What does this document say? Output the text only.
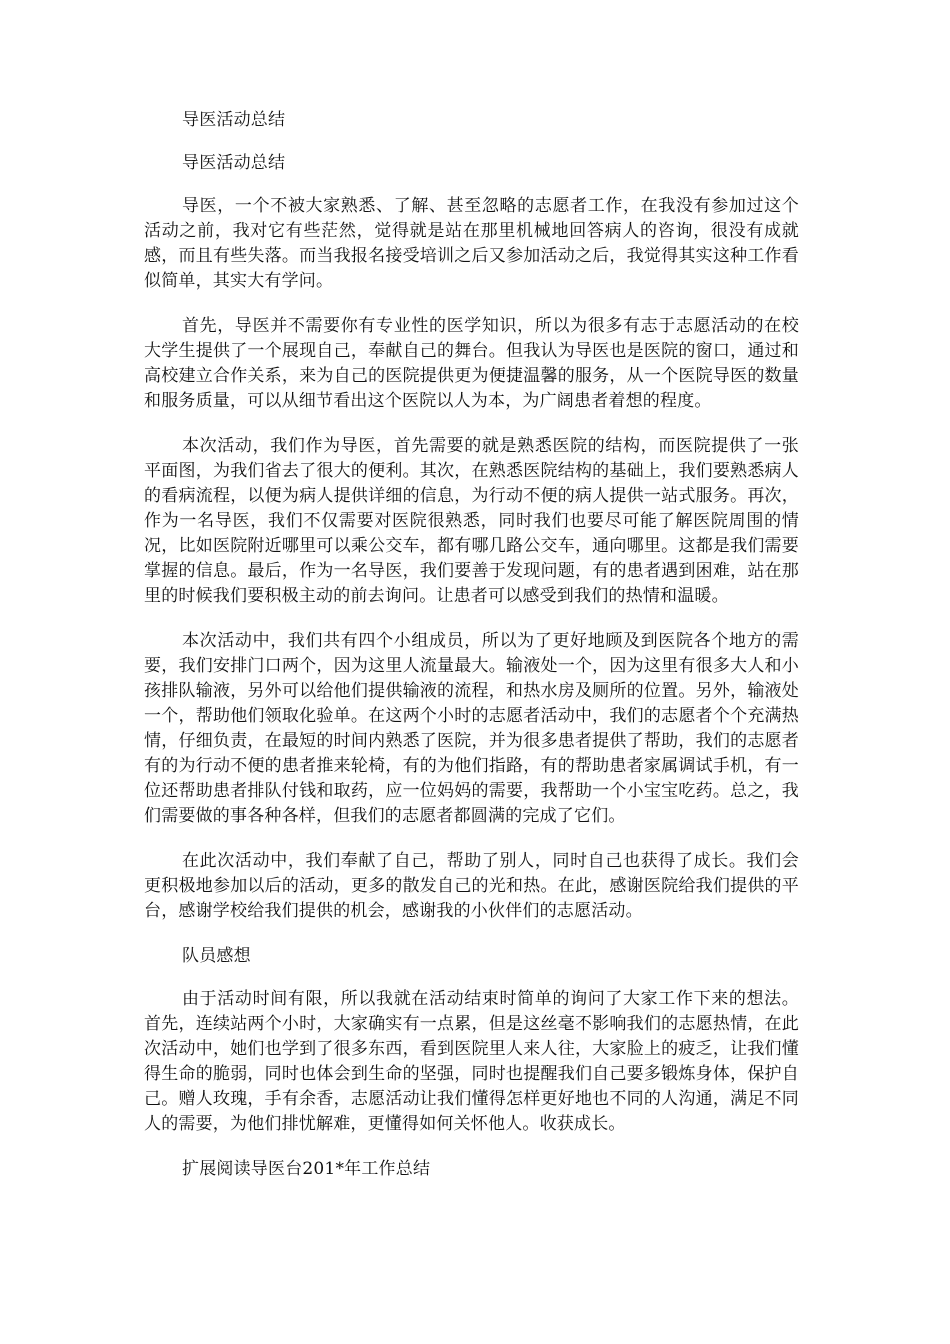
导医活动总结

导医活动总结

导医，一个不被大家熟悉、了解、甚至忽略的志愿者工作，在我没有参加过这个活动之前，我对它有些茫然，觉得就是站在那里机械地回答病人的咨询，很没有成就感，而且有些失落。而当我报名接受培训之后又参加活动之后，我觉得其实这种工作看似简单，其实大有学问。

首先，导医并不需要你有专业性的医学知识，所以为很多有志于志愿活动的在校大学生提供了一个展现自己，奉献自己的舞台。但我认为导医也是医院的窗口，通过和高校建立合作关系，来为自己的医院提供更为便捷温馨的服务，从一个医院导医的数量和服务质量，可以从细节看出这个医院以人为本，为广阔患者着想的程度。

本次活动，我们作为导医，首先需要的就是熟悉医院的结构，而医院提供了一张平面图，为我们省去了很大的便利。其次，在熟悉医院结构的基础上，我们要熟悉病人的看病流程，以便为病人提供详细的信息，为行动不便的病人提供一站式服务。再次，作为一名导医，我们不仅需要对医院很熟悉，同时我们也要尽可能了解医院周围的情况，比如医院附近哪里可以乘公交车，都有哪几路公交车，通向哪里。这都是我们需要掌握的信息。最后，作为一名导医，我们要善于发现问题，有的患者遇到困难，站在那里的时候我们要积极主动的前去询问。让患者可以感受到我们的热情和温暖。

本次活动中，我们共有四个小组成员，所以为了更好地顾及到医院各个地方的需要，我们安排门口两个，因为这里人流量最大。输液处一个，因为这里有很多大人和小孩排队输液，另外可以给他们提供输液的流程，和热水房及厕所的位置。另外，输液处一个，帮助他们领取化验单。在这两个小时的志愿者活动中，我们的志愿者个个充满热情，仔细负责，在最短的时间内熟悉了医院，并为很多患者提供了帮助，我们的志愿者有的为行动不便的患者推来轮椅，有的为他们指路，有的帮助患者家属调试手机，有一位还帮助患者排队付钱和取药，应一位妈妈的需要，我帮助一个小宝宝吃药。总之，我们需要做的事各种各样，但我们的志愿者都圆满的完成了它们。

在此次活动中，我们奉献了自己，帮助了别人，同时自己也获得了成长。我们会更积极地参加以后的活动，更多的散发自己的光和热。在此，感谢医院给我们提供的平台，感谢学校给我们提供的机会，感谢我的小伙伴们的志愿活动。

队员感想

由于活动时间有限，所以我就在活动结束时简单的询问了大家工作下来的想法。首先，连续站两个小时，大家确实有一点累，但是这丝毫不影响我们的志愿热情，在此次活动中，她们也学到了很多东西，看到医院里人来人往，大家脸上的疲乏，让我们懂得生命的脆弱，同时也体会到生命的坚强，同时也提醒我们自己要多锻炼身体，保护自己。赠人玫瑰，手有余香，志愿活动让我们懂得怎样更好地也不同的人沟通，满足不同人的需要，为他们排忧解难，更懂得如何关怀他人。收获成长。

扩展阅读导医台201*年工作总结
